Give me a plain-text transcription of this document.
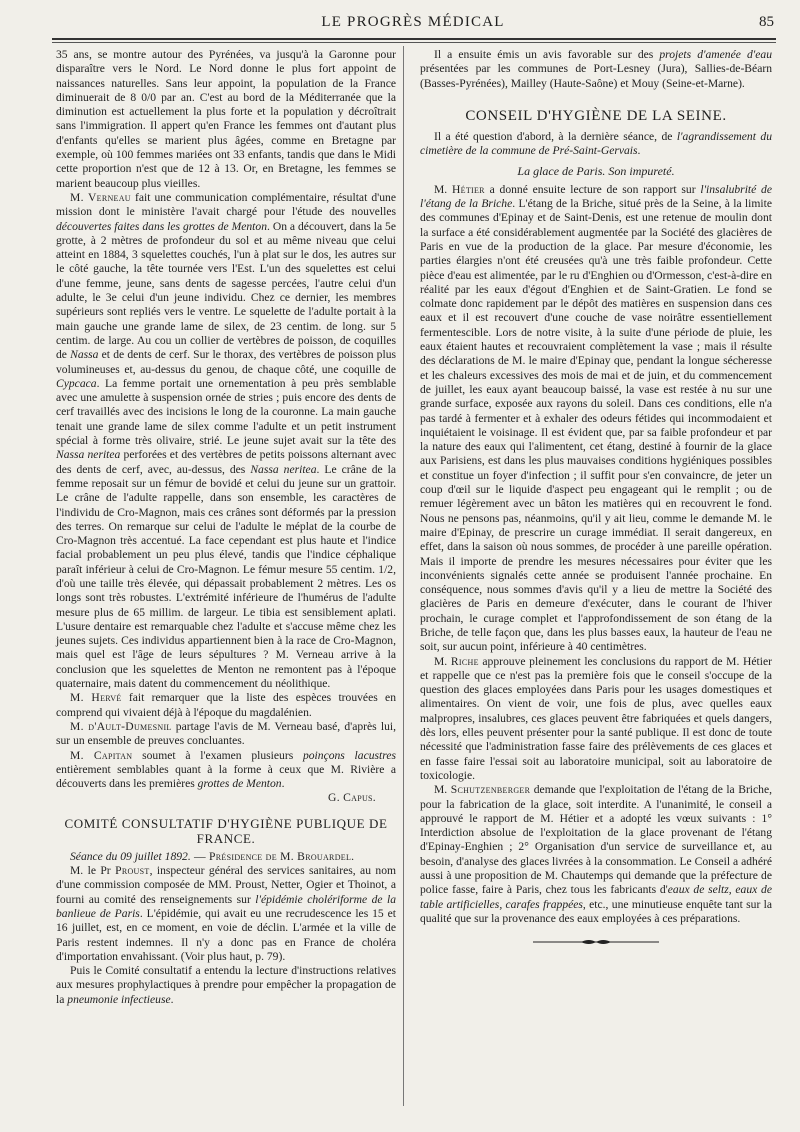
LE PROGRÈS MÉDICAL	85

35 ans, se montre autour des Pyrénées, va jusqu'à la Garonne pour disparaître vers le Nord. Le Nord donne le plus fort appoint de naissances naturelles. Sans leur appoint, la population de la France diminuerait de 8 0/0 par an. C'est au bord de la Méditerranée que la diminution est actuellement la plus forte et la population y décroîtrait sans l'immigration. Il appert qu'en France les femmes ont d'autant plus d'enfants qu'elles se marient plus âgées, comme en Bretagne par exemple, où 100 femmes mariées ont 33 enfants, tandis que dans le Midi cette proportion n'est que de 12 à 13. Or, en Bretagne, les femmes se marient beaucoup plus vieilles.

M. Verneau fait une communication complémentaire, résultat d'une mission dont le ministère l'avait chargé pour l'étude des nouvelles découvertes faites dans les grottes de Menton. On a découvert, dans la 5e grotte, à 2 mètres de profondeur du sol et au même niveau que celui atteint en 1884, 3 squelettes couchés, l'un à plat sur le dos, les autres sur le côté gauche, la tête tournée vers l'Est. L'un des squelettes est celui d'une femme, jeune, sans dents de sagesse percées, l'autre celui d'un adulte, le 3e celui d'un jeune individu. Chez ce dernier, les membres supérieurs sont repliés vers le ventre. Le squelette de l'adulte portait à la main gauche une grande lame de silex, de 23 centim. de long. sur 5 centim. de large. Au cou un collier de vertèbres de poisson, de coquilles de Nassa et de dents de cerf. Sur le thorax, des vertèbres de poisson plus volumineuses et, au-dessus du genou, de chaque côté, une coquille de Cypcaca. La femme portait une ornementation à peu près semblable avec une amulette à suspension ornée de stries ; puis encore des dents de cerf travaillés avec des incisions le long de la couronne. La main gauche tenait une grande lame de silex comme l'adulte et un petit instrument spécial à forme très olivaire, strié. Le jeune sujet avait sur la tête des Nassa neritea perforées et des vertèbres de petits poissons alternant avec des dents de cerf, avec, au-dessus, des Nassa neritea. Le crâne de la femme reposait sur un fémur de bovidé et celui du jeune sur un grattoir. Le crâne de l'adulte rappelle, dans son ensemble, les caractères de l'individu de Cro-Magnon, mais ces crânes sont déformés par la pression des terres. On remarque sur celui de l'adulte le méplat de la courbe de Cro-Magnon très accentué. La face cependant est plus haute et l'indice facial probablement un peu plus élevé, tandis que l'indice céphalique paraît inférieur à celui de Cro-Magnon. Le fémur mesure 55 centim. 1/2, d'où une taille très élevée, qui dépassait probablement 2 mètres. Les os longs sont très robustes. L'extrémité inférieure de l'humérus de l'adulte mesure plus de 65 millim. de largeur. Le tibia est sensiblement aplati. L'usure dentaire est remarquable chez l'adulte et s'accuse même chez les jeunes sujets. Ces individus appartiennent bien à la race de Cro-Magnon, mais quel est l'âge de leurs sépultures ? M. Verneau arrive à la conclusion que les squelettes de Menton ne remontent pas à l'époque quaternaire, mais datent du commencement du néolithique.

M. Hervé fait remarquer que la liste des espèces trouvées en comprend qui vivaient déjà à l'époque du magdalénien.

M. d'Ault-Dumesnil partage l'avis de M. Verneau basé, d'après lui, sur un ensemble de preuves concluantes.

M. Capitan soumet à l'examen plusieurs poinçons lacustres entièrement semblables quant à la forme à ceux que M. Rivière a découverts dans les premières grottes de Menton.

G. Capus.

COMITÉ CONSULTATIF D'HYGIÈNE PUBLIQUE DE FRANCE.

Séance du 09 juillet 1892. — Présidence de M. Brouardel.

M. le Pr Proust, inspecteur général des services sanitaires, au nom d'une commission composée de MM. Proust, Netter, Ogier et Thoinot, a fourni au comité des renseignements sur l'épidémie cholériforme de la banlieue de Paris. L'épidémie, qui avait eu une recrudescence les 15 et 16 juillet, est, en ce moment, en voie de déclin. L'armée et la ville de Paris restent indemnes. Il n'y a donc pas en France de choléra d'importation envahissant. (Voir plus haut, p. 79).

Puis le Comité consultatif a entendu la lecture d'instructions relatives aux mesures prophylactiques à prendre pour empêcher la propagation de la pneumonie infectieuse.

Il a ensuite émis un avis favorable sur des projets d'amenée d'eau présentées par les communes de Port-Lesney (Jura), Sallies-de-Béarn (Basses-Pyrénées), Mailley (Haute-Saône) et Mouy (Seine-et-Marne).

CONSEIL D'HYGIÈNE DE LA SEINE.

Il a été question d'abord, à la dernière séance, de l'agrandissement du cimetière de la commune de Pré-Saint-Gervais.

La glace de Paris. Son impureté.

M. Hétier a donné ensuite lecture de son rapport sur l'insalubrité de l'étang de la Briche. L'étang de la Briche, situé près de la Seine, à la limite des communes d'Epinay et de Saint-Denis, est une retenue de moulin dont la surface a été considérablement augmentée par la Société des glacières de Paris en vue de la production de la glace. Par mesure d'économie, les parties élargies n'ont été creusées qu'à une très faible profondeur. Cette pièce d'eau est alimentée, par le ru d'Enghien ou d'Ormesson, c'est-à-dire en réalité par les eaux d'égout d'Enghien et de Saint-Gratien. Le fond se colmate donc rapidement par le dépôt des matières en suspension dans ces eaux et il est recouvert d'une couche de vase noirâtre essentiellement fermentescible. Lors de notre visite, à la suite d'une période de pluie, les eaux étaient hautes et recouvraient complètement la vase ; mais il résulte des déclarations de M. le maire d'Epinay que, pendant la longue sécheresse et les chaleurs excessives des mois de mai et de juin, et du commencement de juillet, les eaux ayant beaucoup baissé, la vase est restée à nu sur une grande surface, exposée aux rayons du soleil. Dans ces conditions, elle n'a pas tardé à fermenter et à exhaler des odeurs fétides qui incommodaient et inquiétaient le voisinage. Il est évident que, par sa faible profondeur et par la nature des eaux qui l'alimentent, cet étang, destiné à fournir de la glace aux Parisiens, est dans les plus mauvaises conditions hygiéniques possibles et constitue un foyer d'infection ; il suffit pour s'en convaincre, de jeter un coup d'œil sur le liquide d'aspect peu engageant qui le remplit ; ou de remuer légèrement avec un bâton les matières qui en recouvrent le fond. Nous ne pensons pas, néanmoins, qu'il y ait lieu, comme le demande M. le maire d'Epinay, de prescrire un curage immédiat. Il serait dangereux, en effet, dans la saison où nous sommes, de procéder à une pareille opération. Mais il importe de prendre les mesures nécessaires pour éviter que les inconvénients signalés cette année se produisent l'année prochaine. En conséquence, nous sommes d'avis qu'il y a lieu de mettre la Société des glacières de Paris en demeure d'exécuter, dans le courant de l'hiver prochain, le curage complet et l'approfondissement de son étang de la Briche, de telle façon que, dans les plus basses eaux, la hauteur de l'eau ne soit, sur aucun point, inférieure à 40 centimètres.

M. Riche approuve pleinement les conclusions du rapport de M. Hétier et rappelle que ce n'est pas la première fois que le conseil s'occupe de la question des glaces employées dans Paris pour les usages domestiques et alimentaires. On vient de voir, une fois de plus, avec quelles eaux malpropres, insalubres, ces glaces peuvent être fabriquées et quels dangers, dès lors, elles peuvent présenter pour la santé publique. Il est donc de toute nécessité que l'administration fasse faire des prélèvements de ces glaces et en fasse faire l'essai soit au laboratoire municipal, soit au laboratoire de toxicologie.

M. Schutzenberger demande que l'exploitation de l'étang de la Briche, pour la fabrication de la glace, soit interdite. A l'unanimité, le conseil a approuvé le rapport de M. Hétier et a adopté les vœux suivants : 1° Interdiction absolue de l'exploitation de la glace provenant de l'étang d'Epinay-Enghien ; 2° Organisation d'un service de surveillance et, au besoin, d'analyse des glaces livrées à la consommation. Le Conseil a adhéré aussi à une proposition de M. Chautemps qui demande que la préfecture de police fasse, faire à Paris, chez tous les fabricants d'eaux de seltz, eaux de table artificielles, carafes frappées, etc., une minutieuse enquête tant sur la qualité que sur la provenance des eaux employées à ces préparations.
